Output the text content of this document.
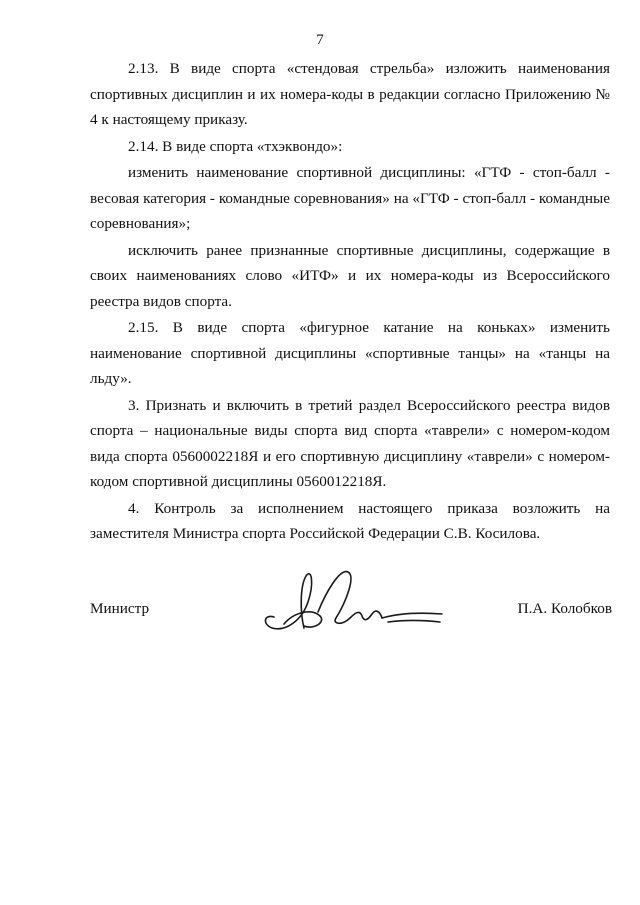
7

2.13. В виде спорта «стендовая стрельба» изложить наименования спортивных дисциплин и их номера-коды в редакции согласно Приложению № 4 к настоящему приказу.

2.14. В виде спорта «тхэквондо»:

изменить наименование спортивной дисциплины: «ГТФ - стоп-балл - весовая категория - командные соревнования» на «ГТФ - стоп-балл - командные соревнования»;

исключить ранее признанные спортивные дисциплины, содержащие в своих наименованиях слово «ИТФ» и их номера-коды из Всероссийского реестра видов спорта.

2.15. В виде спорта «фигурное катание на коньках» изменить наименование спортивной дисциплины «спортивные танцы» на «танцы на льду».

3. Признать и включить в третий раздел Всероссийского реестра видов спорта – национальные виды спорта вид спорта «таврели» с номером-кодом вида спорта 0560002218Я и его спортивную дисциплину «таврели» с номером-кодом спортивной дисциплины 0560012218Я.

4. Контроль за исполнением настоящего приказа возложить на заместителя Министра спорта Российской Федерации С.В. Косилова.

Министр	П.А. Колобков
